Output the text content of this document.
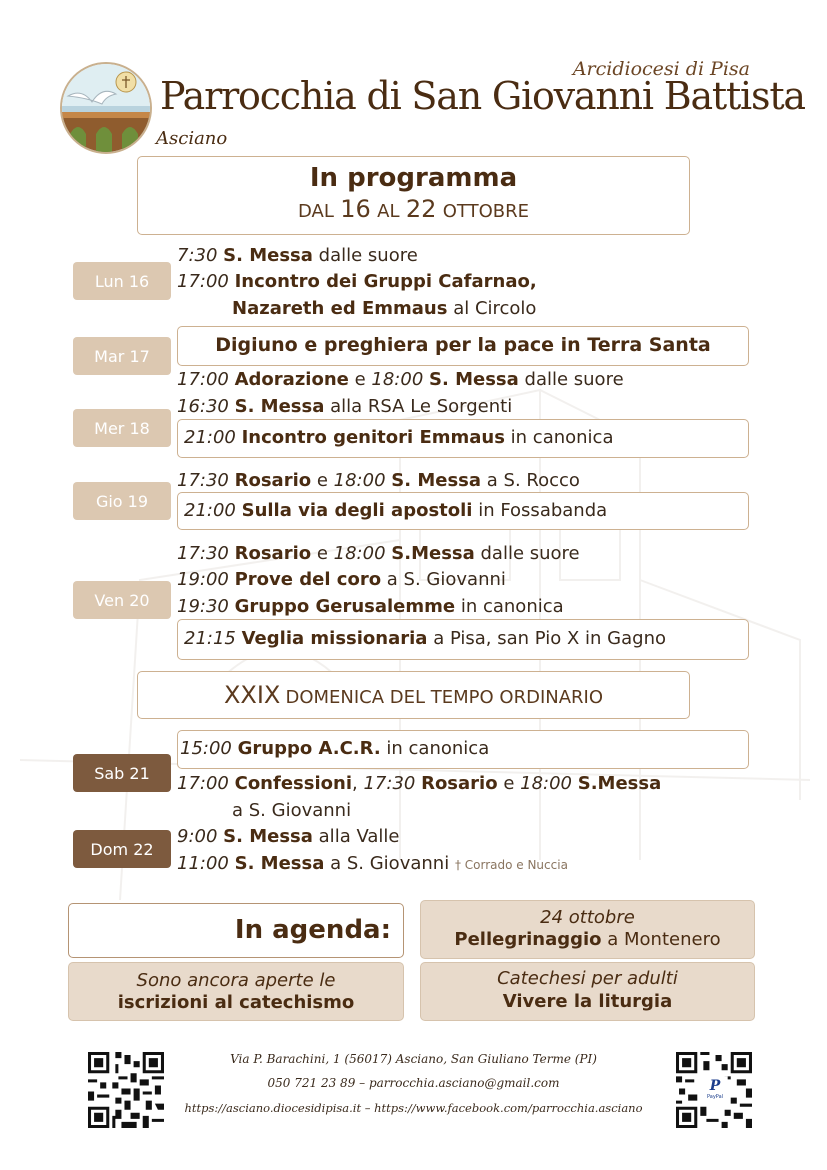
Arcidiocesi di Pisa
Parrocchia di San Giovanni Battista
Asciano
In programma
DAL 16 AL 22 OTTOBRE
Lun 16
Mar 17
Mer 18
Gio 19
Ven 20
Sab 21
Dom 22
7:30 S. Messa dalle suore
17:00 Incontro dei Gruppi Cafarnao,
Nazareth ed Emmaus al Circolo
Digiuno e preghiera per la pace in Terra Santa
17:00 Adorazione e 18:00 S. Messa dalle suore
16:30 S. Messa alla RSA Le Sorgenti
21:00 Incontro genitori Emmaus in canonica
17:30 Rosario e 18:00 S. Messa a S. Rocco
21:00 Sulla via degli apostoli in Fossabanda
17:30 Rosario e 18:00 S.Messa dalle suore
19:00 Prove del coro a S. Giovanni
19:30 Gruppo Gerusalemme in canonica
21:15 Veglia missionaria a Pisa, san Pio X in Gagno
XXIX DOMENICA DEL TEMPO ORDINARIO
15:00 Gruppo A.C.R. in canonica
17:00 Confessioni, 17:30 Rosario e 18:00 S.Messa
a S. Giovanni
9:00 S. Messa alla Valle
11:00 S. Messa a S. Giovanni † Corrado e Nuccia
In agenda:	24 ottobre
Pellegrinaggio a Montenero
Sono ancora aperte le
iscrizioni al catechismo
Catechesi per adulti
Vivere la liturgia
P
PayPal
Via P. Barachini, 1 (56017) Asciano, San Giuliano Terme (PI)
050 721 23 89 – parrocchia.asciano@gmail.com
https://asciano.diocesidipisa.it – https://www.facebook.com/parrocchia.asciano
